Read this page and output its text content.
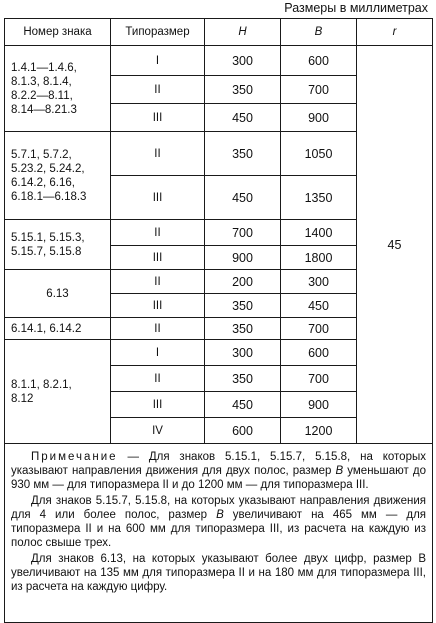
Размеры в миллиметрах
Номер знака	Типоразмер	H	B	r
1.4.1—1.4.6,
8.1.3, 8.1.4,
8.2.2—8.11,
8.14—8.21.3	I	300	600	45
	II	350	700	
	III	450	900	
5.7.1, 5.7.2,
5.23.2, 5.24.2,
6.14.2, 6.16,
6.18.1—6.18.3	II	350	1050	
	III	450	1350	
5.15.1, 5.15.3,
5.15.7, 5.15.8	II	700	1400	
	III	900	1800	
6.13	II	200	300	
	III	350	450	
6.14.1, 6.14.2	II	350	700	
8.1.1, 8.2.1,
8.12	I	300	600	
	II	350	700	
	III	450	900	
	IV	600	1200	

Примечание — Для знаков 5.15.1, 5.15.7, 5.15.8, на которых указывают направления движения для двух полос, размер B уменьшают до 930 мм — для типоразмера II и до 1200 мм — для типоразмера III.

Для знаков 5.15.7, 5.15.8, на которых указывают направления движения для 4 или более полос, размер B увеличивают на 465 мм — для типоразмера II и на 600 мм для типоразмера III, из расчета на каждую из полос свыше трех.

Для знаков 6.13, на которых указывают более двух цифр, размер B увеличивают на 135 мм для типоразмера II и на 180 мм для типоразмера III, из расчета на каждую цифру.				
